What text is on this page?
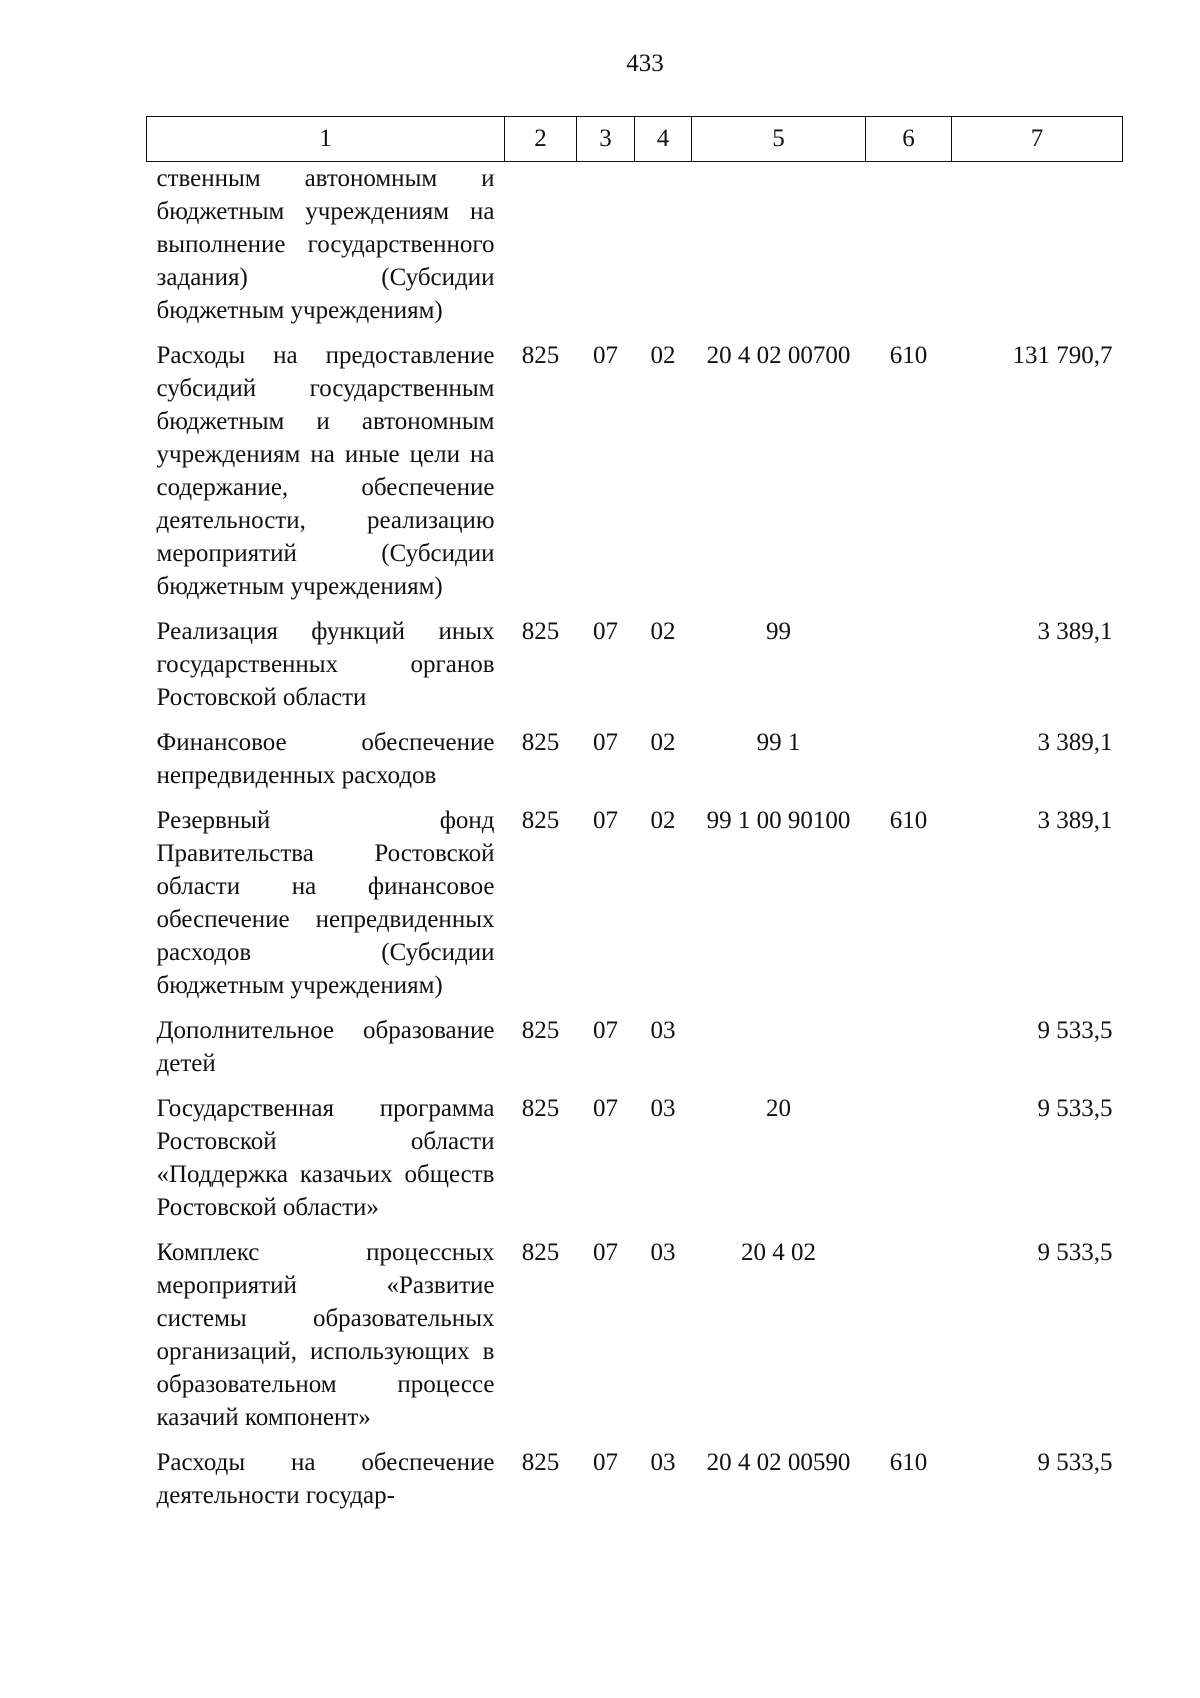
433
1	2	3	4	5	6	7
ственным автономным и бюджетным учреждениям на выполнение государственного задания) (Субсидии бюджетным учреждениям)						
Расходы на предоставление субсидий государственным бюджетным и автономным учреждениям на иные цели на содержание, обеспечение деятельности, реализацию мероприятий (Субсидии бюджетным учреждениям)	825	07	02	20 4 02 00700	610	131 790,7
Реализация функций иных государственных органов Ростовской области	825	07	02	99		3 389,1
Финансовое обеспечение непредвиденных расходов	825	07	02	99 1		3 389,1
Резервный фонд Правительства Ростовской области на финансовое обеспечение непредвиденных расходов (Субсидии бюджетным учреждениям)	825	07	02	99 1 00 90100	610	3 389,1
Дополнительное образование детей	825	07	03			9 533,5
Государственная программа Ростовской области «Поддержка казачьих обществ Ростовской области»	825	07	03	20		9 533,5
Комплекс процессных мероприятий «Развитие системы образовательных организаций, использующих в образовательном процессе казачий компонент»	825	07	03	20 4 02		9 533,5
Расходы на обеспечение деятельности государ-	825	07	03	20 4 02 00590	610	9 533,5
